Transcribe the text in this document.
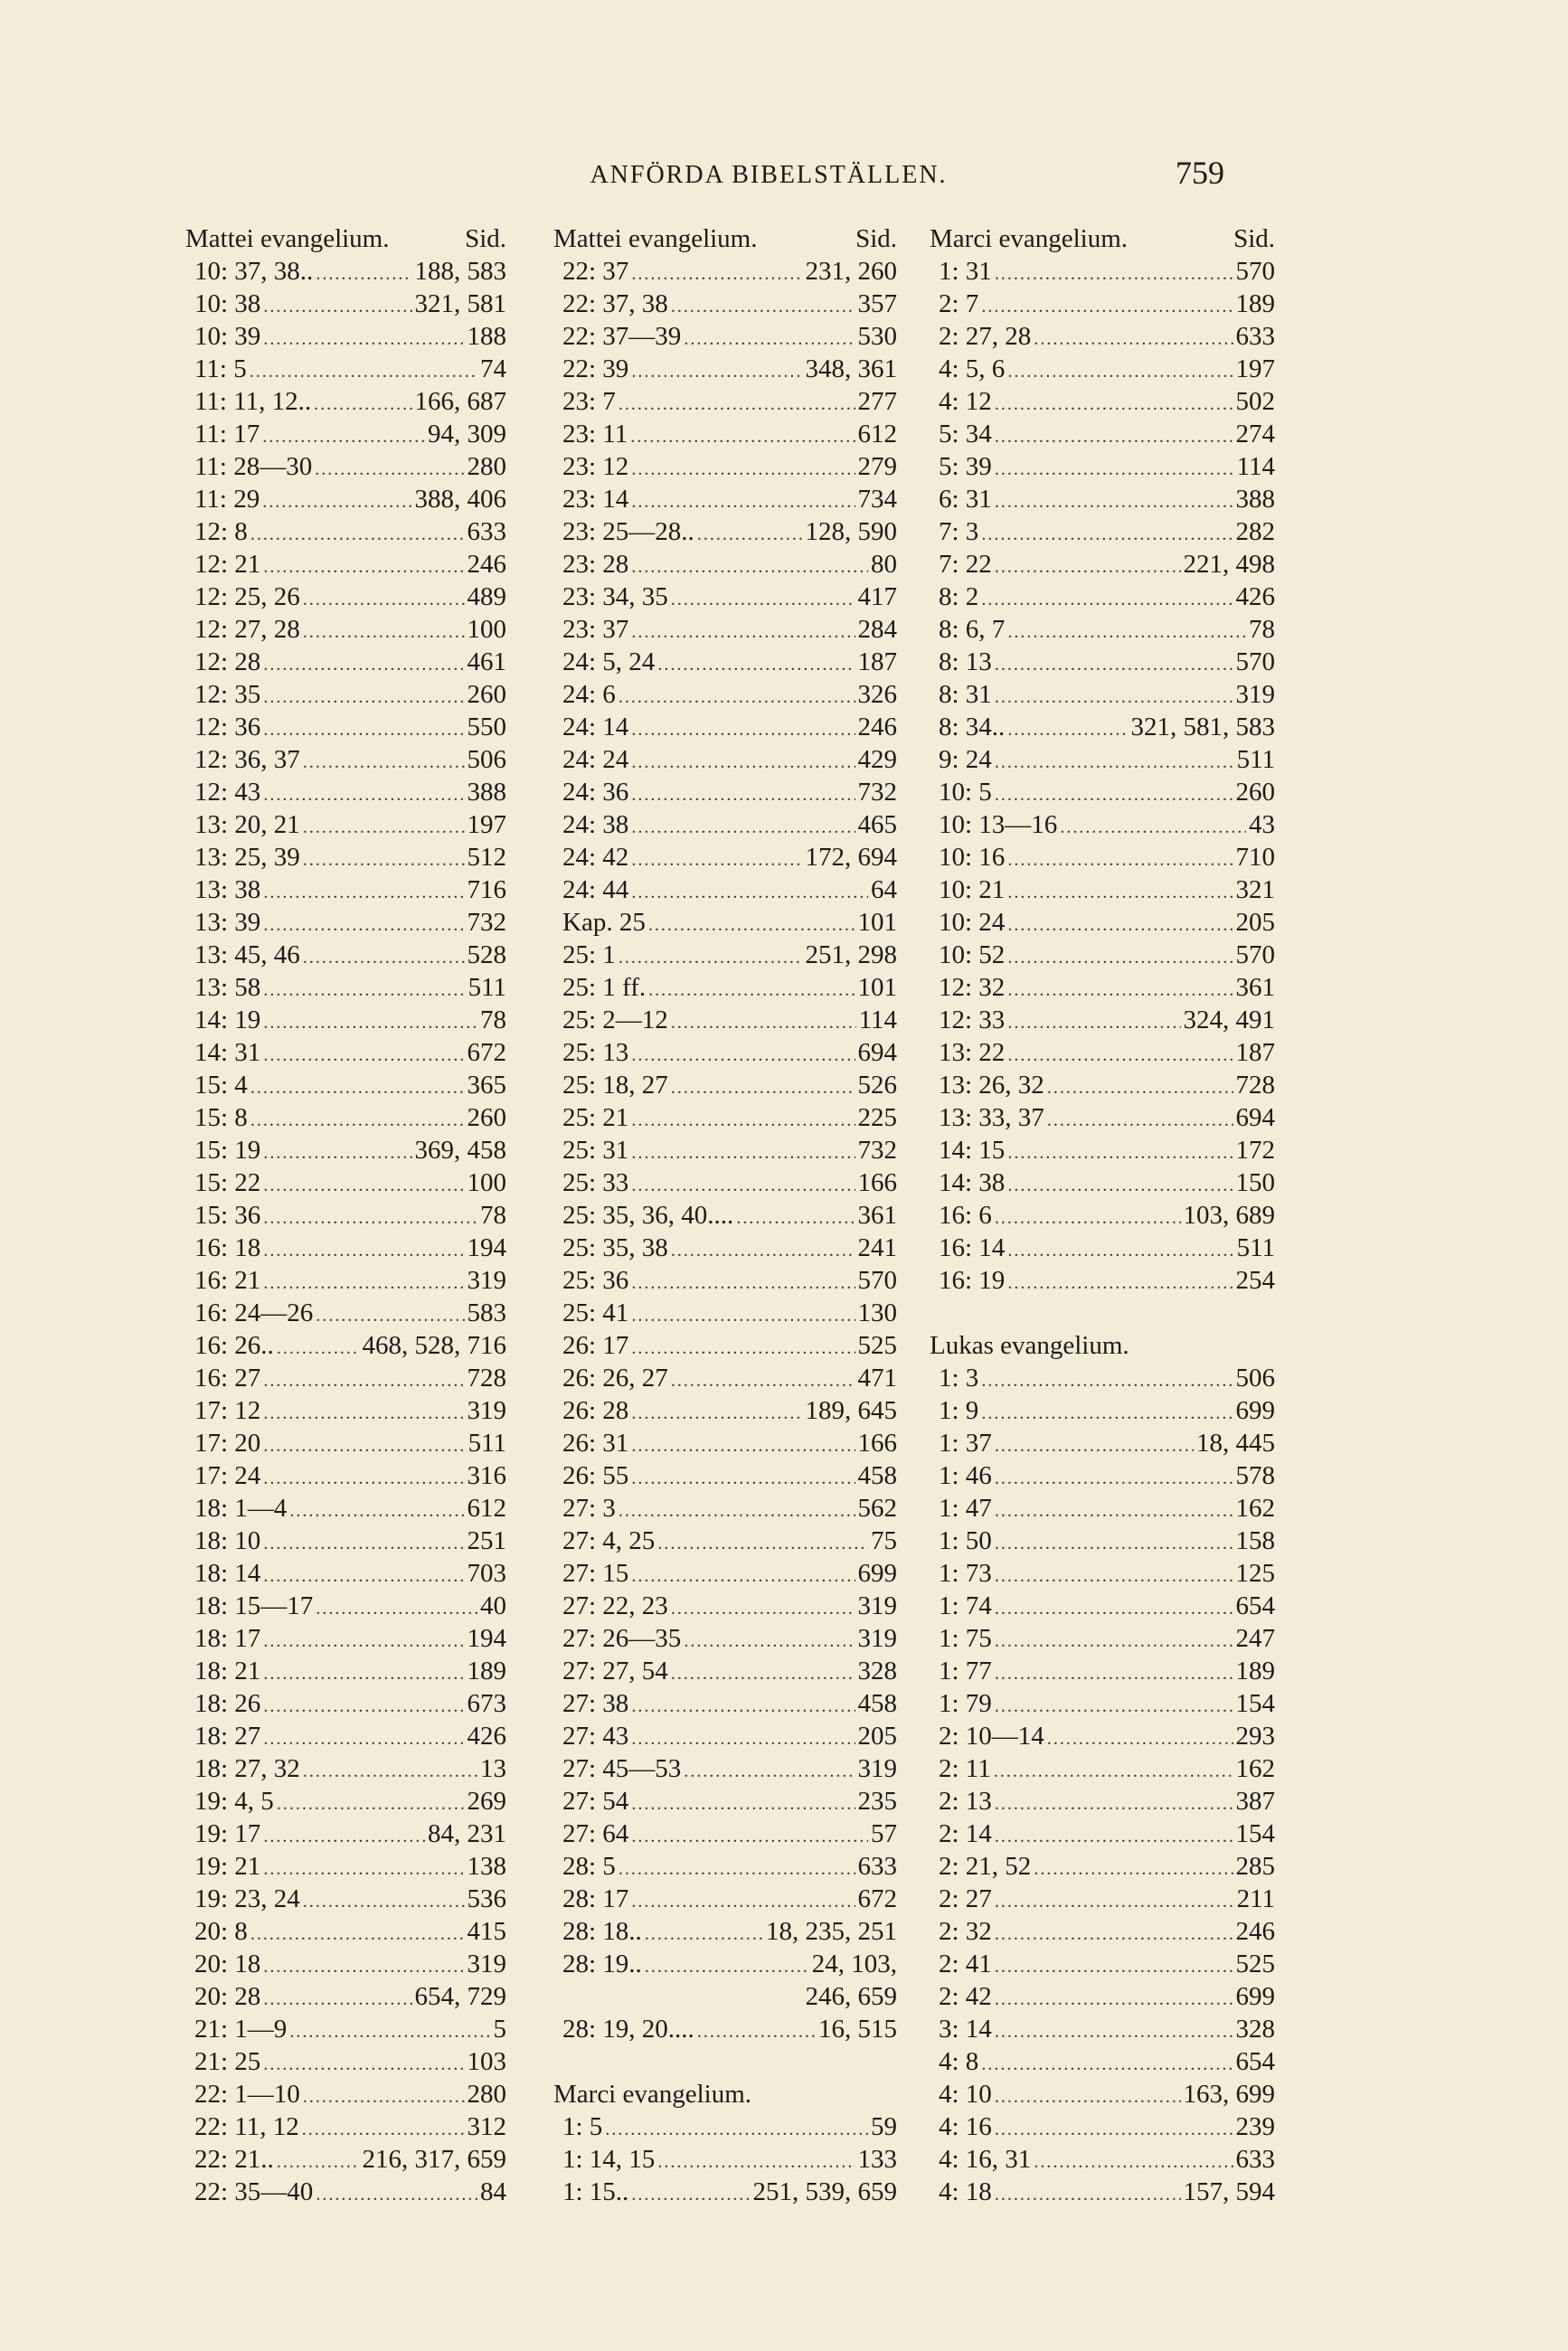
ANFÖRDA BIBELSTÄLLEN.	759
Mattei evangelium.	Sid.
10: 37, 38.. .....	188, 583
10: 38 .....	321, 581
10: 39 .....	188
11: 5 .....	74
11: 11, 12.. .....	166, 687
11: 17 .....	94, 309
11: 28—30 .....	280
11: 29 .....	388, 406
12: 8 .....	633
12: 21 .....	246
12: 25, 26 .....	489
12: 27, 28 .....	100
12: 28 .....	461
12: 35 .....	260
12: 36 .....	550
12: 36, 37 .....	506
12: 43 .....	388
13: 20, 21 .....	197
13: 25, 39 .....	512
13: 38 .....	716
13: 39 .....	732
13: 45, 46 .....	528
13: 58 .....	511
14: 19 .....	78
14: 31 .....	672
15: 4 .....	365
15: 8 .....	260
15: 19 .....	369, 458
15: 22 .....	100
15: 36 .....	78
16: 18 .....	194
16: 21 .....	319
16: 24—26 .....	583
16: 26.. .....	468, 528, 716
16: 27 .....	728
17: 12 .....	319
17: 20 .....	511
17: 24 .....	316
18: 1—4 .....	612
18: 10 .....	251
18: 14 .....	703
18: 15—17 .....	40
18: 17 .....	194
18: 21 .....	189
18: 26 .....	673
18: 27 .....	426
18: 27, 32 .....	13
19: 4, 5 .....	269
19: 17 .....	84, 231
19: 21 .....	138
19: 23, 24 .....	536
20: 8 .....	415
20: 18 .....	319
20: 28 .....	654, 729
21: 1—9 .....	5
21: 25 .....	103
22: 1—10 .....	280
22: 11, 12 .....	312
22: 21.. .....	216, 317, 659
22: 35—40 .....	84
Mattei evangelium.	Sid.
22: 37 .....	231, 260
22: 37, 38 .....	357
22: 37—39 .....	530
22: 39 .....	348, 361
23: 7 .....	277
23: 11 .....	612
23: 12 .....	279
23: 14 .....	734
23: 25—28.. .....	128, 590
23: 28 .....	80
23: 34, 35 .....	417
23: 37 .....	284
24: 5, 24 .....	187
24: 6 .....	326
24: 14 .....	246
24: 24 .....	429
24: 36 .....	732
24: 38 .....	465
24: 42 .....	172, 694
24: 44 .....	64
Kap. 25 .....	101
25: 1 .....	251, 298
25: 1 ff. .....	101
25: 2—12 .....	114
25: 13 .....	694
25: 18, 27 .....	526
25: 21 .....	225
25: 31 .....	732
25: 33 .....	166
25: 35, 36, 40.... .....	361
25: 35, 38 .....	241
25: 36 .....	570
25: 41 .....	130
26: 17 .....	525
26: 26, 27 .....	471
26: 28 .....	189, 645
26: 31 .....	166
26: 55 .....	458
27: 3 .....	562
27: 4, 25 .....	75
27: 15 .....	699
27: 22, 23 .....	319
27: 26—35 .....	319
27: 27, 54 .....	328
27: 38 .....	458
27: 43 .....	205
27: 45—53 .....	319
27: 54 .....	235
27: 64 .....	57
28: 5 .....	633
28: 17 .....	672
28: 18.. .....	18, 235, 251
28: 19.. .....	24, 103,
246, 659
28: 19, 20.... .....	16, 515
Marci evangelium.
1: 5 .....	59
1: 14, 15 .....	133
1: 15.. .....	251, 539, 659
Marci evangelium.	Sid.
1: 31 .....	570
2: 7 .....	189
2: 27, 28 .....	633
4: 5, 6 .....	197
4: 12 .....	502
5: 34 .....	274
5: 39 .....	114
6: 31 .....	388
7: 3 .....	282
7: 22 .....	221, 498
8: 2 .....	426
8: 6, 7 .....	78
8: 13 .....	570
8: 31 .....	319
8: 34.. .....	321, 581, 583
9: 24 .....	511
10: 5 .....	260
10: 13—16 .....	43
10: 16 .....	710
10: 21 .....	321
10: 24 .....	205
10: 52 .....	570
12: 32 .....	361
12: 33 .....	324, 491
13: 22 .....	187
13: 26, 32 .....	728
13: 33, 37 .....	694
14: 15 .....	172
14: 38 .....	150
16: 6 .....	103, 689
16: 14 .....	511
16: 19 .....	254
Lukas evangelium.
1: 3 .....	506
1: 9 .....	699
1: 37 .....	18, 445
1: 46 .....	578
1: 47 .....	162
1: 50 .....	158
1: 73 .....	125
1: 74 .....	654
1: 75 .....	247
1: 77 .....	189
1: 79 .....	154
2: 10—14 .....	293
2: 11 .....	162
2: 13 .....	387
2: 14 .....	154
2: 21, 52 .....	285
2: 27 .....	211
2: 32 .....	246
2: 41 .....	525
2: 42 .....	699
3: 14 .....	328
4: 8 .....	654
4: 10 .....	163, 699
4: 16 .....	239
4: 16, 31 .....	633
4: 18 .....	157, 594
